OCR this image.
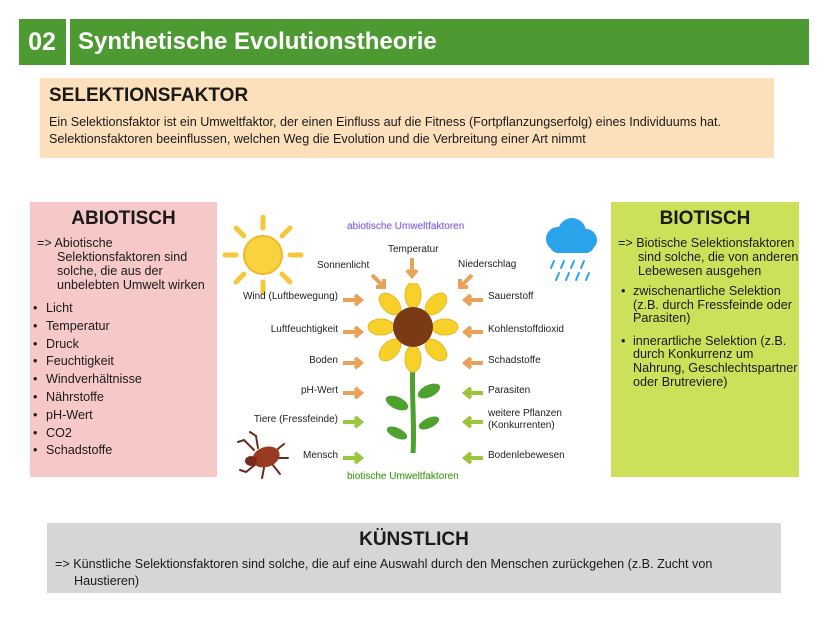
02 Synthetische Evolutionstheorie
SELEKTIONSFAKTOR
Ein Selektionsfaktor ist ein Umweltfaktor, der einen Einfluss auf die Fitness (Fortpflanzungserfolg) eines Individuums hat. Selektionsfaktoren beeinflussen, welchen Weg die Evolution und die Verbreitung einer Art nimmt
ABIOTISCH
=> Abiotische Selektionsfaktoren sind solche, die aus der unbelebten Umwelt wirken
• Licht
• Temperatur
• Druck
• Feuchtigkeit
• Windverhältnisse
• Nährstoffe
• pH-Wert
• CO2
• Schadstoffe
BIOTISCH
=> Biotische Selektionsfaktoren sind solche, die von anderen Lebewesen ausgehen
• zwischenartliche Selektion (z.B. durch Fressfeinde oder Parasiten)
• innerartliche Selektion (z.B. durch Konkurrenz um Nahrung, Geschlechtspartner oder Brutreviere)
abiotische Umweltfaktoren
biotische Umweltfaktoren
Sonnenlicht
Temperatur
Niederschlag
Wind (Luftbewegung)
Luftfeuchtigkeit
Boden
pH-Wert
Tiere (Fressfeinde)
Mensch
Sauerstoff
Kohlenstoffdioxid
Schadstoffe
Parasiten
weitere Pflanzen
(Konkurrenten)
Bodenlebewesen
KÜNSTLICH
=> Künstliche Selektionsfaktoren sind solche, die auf eine Auswahl durch den Menschen zurückgehen (z.B. Zucht von Haustieren)
